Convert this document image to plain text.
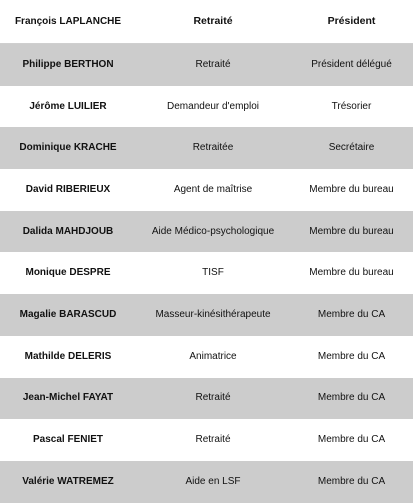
François LAPLANCHE	Retraité	Président
Philippe BERTHON	Retraité	Président délégué
Jérôme LUILIER	Demandeur d'emploi	Trésorier
Dominique KRACHE	Retraitée	Secrétaire
David RIBERIEUX	Agent de maîtrise	Membre du bureau
Dalida MAHDJOUB	Aide Médico-psychologique	Membre du bureau
Monique DESPRE	TISF	Membre du bureau
Magalie BARASCUD	Masseur-kinésithérapeute	Membre du CA
Mathilde DELERIS	Animatrice	Membre du CA
Jean-Michel FAYAT	Retraité	Membre du CA
Pascal FENIET	Retraité	Membre du CA
Valérie WATREMEZ	Aide en LSF	Membre du CA
